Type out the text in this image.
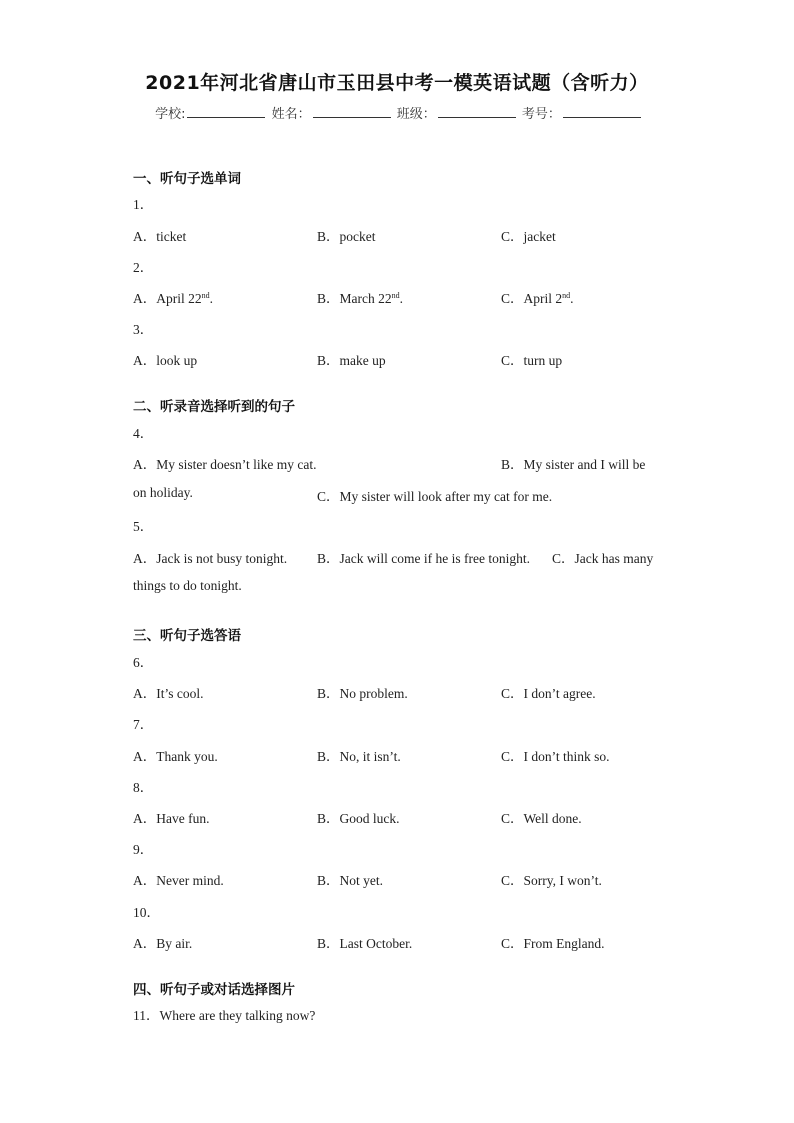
2021年河北省唐山市玉田县中考一模英语试题（含听力）
学校:	姓名：	班级：	考号：
一、听句子选单词
1．
A．ticket	B．pocket	C．jacket
2．
A．April 22nd.	B．March 22nd.	C．April 2nd.
3．
A．look up	B．make up	C．turn up
二、听录音选择听到的句子
4．
A．My sister doesn’t like my cat.	B．My sister and I will be
on holiday.	C．My sister will look after my cat for me.
5．
A．Jack is not busy tonight. B．Jack will come if he is free tonight. C．Jack has many
things to do tonight.
三、听句子选答语
6．
A．It’s cool.	B．No problem.	C．I don’t agree.
7．
A．Thank you.	B．No, it isn’t.	C．I don’t think so.
8．
A．Have fun.	B．Good luck.	C．Well done.
9．
A．Never mind.	B．Not yet.	C．Sorry, I won’t.
10．
A．By air.	B．Last October.	C．From England.
四、听句子或对话选择图片
11．Where are they talking now?
